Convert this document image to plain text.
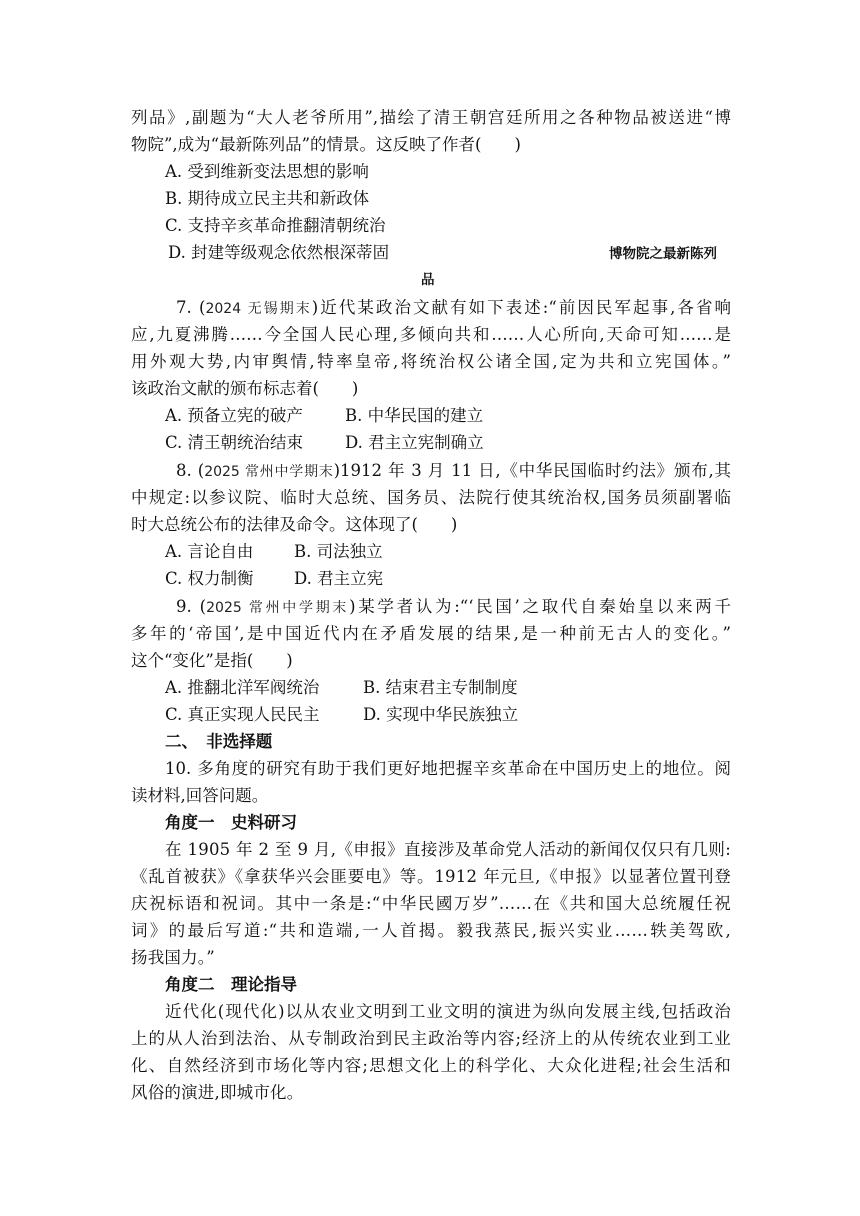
列品》,副题为“大人老爷所用”,描绘了清王朝宫廷所用之各种物品被送进“博
物院”,成为“最新陈列品”的情景。这反映了作者(　　)
A. 受到维新变法思想的影响
B. 期待成立民主共和新政体
C. 支持辛亥革命推翻清朝统治
D. 封建等级观念依然根深蒂固	博物院之最新陈列
品
7. (2024 无锡期末)近代某政治文献有如下表述:“前因民军起事,各省响
应,九夏沸腾……今全国人民心理,多倾向共和……人心所向,天命可知……是
用外观大势,内审舆情,特率皇帝,将统治权公诸全国,定为共和立宪国体。”
该政治文献的颁布标志着(　　)
A. 预备立宪的破产	B. 中华民国的建立
C. 清王朝统治结束	D. 君主立宪制确立
8. (2025 常州中学期末)1912 年 3 月 11 日,《中华民国临时约法》颁布,其
中规定:以参议院、临时大总统、国务员、法院行使其统治权,国务员须副署临
时大总统公布的法律及命令。这体现了(　　)
A. 言论自由 B. 司法独立
C. 权力制衡 D. 君主立宪
9. (2025 常州中学期末)某学者认为:“‘民国’之取代自秦始皇以来两千
多年的‘帝国’,是中国近代内在矛盾发展的结果,是一种前无古人的变化。”
这个“变化”是指(　　)
A. 推翻北洋军阀统治	B. 结束君主专制制度
C. 真正实现人民民主	D. 实现中华民族独立
二、　非选择题
10. 多角度的研究有助于我们更好地把握辛亥革命在中国历史上的地位。阅
读材料,回答问题。
角度一　史料研习
在 1905 年 2 至 9 月,《申报》直接涉及革命党人活动的新闻仅仅只有几则:
《乱首被获》《拿获华兴会匪要电》等。1912 年元旦,《申报》以显著位置刊登
庆祝标语和祝词。其中一条是:“中华民國万岁”……在《共和国大总统履任祝
词》的最后写道:“共和造端,一人首揭。毅我蒸民,振兴实业……轶美驾欧,
扬我国力。”
角度二　理论指导
近代化(现代化)以从农业文明到工业文明的演进为纵向发展主线,包括政治
上的从人治到法治、从专制政治到民主政治等内容;经济上的从传统农业到工业
化、自然经济到市场化等内容;思想文化上的科学化、大众化进程;社会生活和
风俗的演进,即城市化。
